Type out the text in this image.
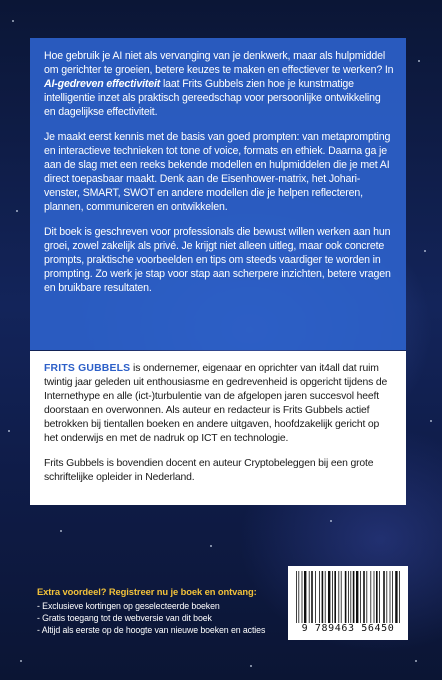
Hoe gebruik je AI niet als vervanging van je denkwerk, maar als hulpmiddel om gerichter te groeien, betere keuzes te maken en effectiever te werken? In AI-gedreven effectiviteit laat Frits Gubbels zien hoe je kunstmatige intelligentie inzet als praktisch gereedschap voor persoonlijke ontwikkeling en dagelijkse effectiviteit.

Je maakt eerst kennis met de basis van goed prompten: van metaprompting en interactieve technieken tot tone of voice, formats en ethiek. Daarna ga je aan de slag met een reeks bekende modellen en hulpmiddelen die je met AI direct toepasbaar maakt. Denk aan de Eisenhower-matrix, het Johari-venster, SMART, SWOT en andere modellen die je helpen reflecteren, plannen, communiceren en ontwikkelen.

Dit boek is geschreven voor professionals die bewust willen werken aan hun groei, zowel zakelijk als privé. Je krijgt niet alleen uitleg, maar ook concrete prompts, praktische voorbeelden en tips om steeds vaardiger te worden in prompting. Zo werk je stap voor stap aan scherpere inzichten, betere vragen en bruikbare resultaten.

FRITS GUBBELS is ondernemer, eigenaar en oprichter van it4all dat ruim twintig jaar geleden uit enthousiasme en gedrevenheid is opgericht tijdens de Internethype en alle (ict-)turbulentie van de afgelopen jaren succesvol heeft doorstaan en overwonnen. Als auteur en redacteur is Frits Gubbels actief betrokken bij tientallen boeken en andere uitgaven, hoofdzakelijk gericht op het onderwijs en met de nadruk op ICT en technologie.

Frits Gubbels is bovendien docent en auteur Cryptobeleggen bij een grote schriftelijke opleider in Nederland.

Extra voordeel? Registreer nu je boek en ontvang:
- Exclusieve kortingen op geselecteerde boeken
- Gratis toegang tot de webversie van dit boek
- Altijd als eerste op de hoogte van nieuwe boeken en acties	9 789463 56450
